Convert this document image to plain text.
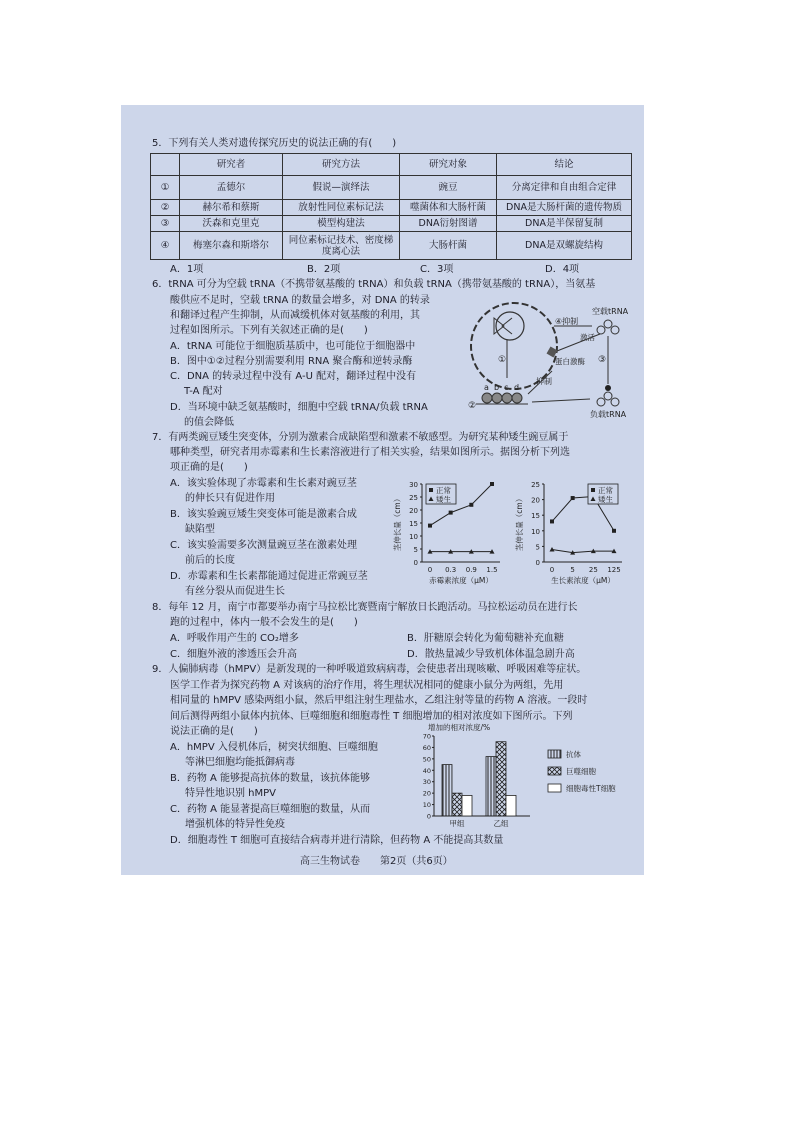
5．下列有关人类对遗传探究历史的说法正确的有(　　)
	研究者	研究方法	研究对象	结论
①	孟德尔	假说—演绎法	豌豆	分离定律和自由组合定律
②	赫尔希和蔡斯	放射性同位素标记法	噬菌体和大肠杆菌	DNA是大肠杆菌的遗传物质
③	沃森和克里克	模型构建法	DNA衍射图谱	DNA是半保留复制
④	梅塞尔森和斯塔尔	同位素标记技术、密度梯度离心法	大肠杆菌	DNA是双螺旋结构
A．1项	B．2项	C．3项	D．4项
6．tRNA 可分为空载 tRNA（不携带氨基酸的 tRNA）和负载 tRNA（携带氨基酸的 tRNA），当氨基
酸供应不足时，空载 tRNA 的数量会增多，对 DNA 的转录
和翻译过程产生抑制，从而减缓机体对氨基酸的利用，其
过程如图所示。下列有关叙述正确的是(　　)
A．tRNA 可能位于细胞质基质中，也可能位于细胞器中
B．图中①②过程分别需要利用 RNA 聚合酶和逆转录酶
C．DNA 的转录过程中没有 A-U 配对，翻译过程中没有
T-A 配对
D．当环境中缺乏氨基酸时，细胞中空载 tRNA/负载 tRNA
的值会降低
①
②
a b c d
空载tRNA
④抑制
激活
蛋白激酶
抑制
③
负载tRNA
7．有两类豌豆矮生突变体，分别为激素合成缺陷型和激素不敏感型。为研究某种矮生豌豆属于
哪种类型，研究者用赤霉素和生长素溶液进行了相关实验，结果如图所示。据图分析下列选
项正确的是(　　)
A．该实验体现了赤霉素和生长素对豌豆茎
的伸长只有促进作用
B．该实验豌豆矮生突变体可能是激素合成
缺陷型
C．该实验需要多次测量豌豆茎在激素处理
前后的长度
D．赤霉素和生长素都能通过促进正常豌豆茎
有丝分裂从而促进生长
0
5
10
15
20
25
30
0 0.3 0.9 1.5
赤霉素浓度（μM）
茎伸长量（cm）
正常
矮生
0
5
10
15
20
25
0 5 25 125
生长素浓度（μM）
茎伸长量（cm）
正常
矮生
8．每年 12 月，南宁市都要举办南宁马拉松比赛暨南宁解放日长跑活动。马拉松运动员在进行长
跑的过程中，体内一般不会发生的是(　　)
A．呼吸作用产生的 CO₂增多	B．肝糖原会转化为葡萄糖补充血糖
C．细胞外液的渗透压会升高	D．散热量减少导致机体体温急剧升高
9．人偏肺病毒（hMPV）是新发现的一种呼吸道致病病毒，会使患者出现咳嗽、呼吸困难等症状。
医学工作者为探究药物 A 对该病的治疗作用，将生理状况相同的健康小鼠分为两组，先用
相同量的 hMPV 感染两组小鼠，然后甲组注射生理盐水，乙组注射等量的药物 A 溶液。一段时
间后测得两组小鼠体内抗体、巨噬细胞和细胞毒性 T 细胞增加的相对浓度如下图所示。下列
说法正确的是(　　)
A．hMPV 入侵机体后，树突状细胞、巨噬细胞
等淋巴细胞均能抵御病毒
B．药物 A 能够提高抗体的数量，该抗体能够
特异性地识别 hMPV
C．药物 A 能显著提高巨噬细胞的数量，从而
增强机体的特异性免疫
D．细胞毒性 T 细胞可直接结合病毒并进行清除，但药物 A 不能提高其数量
增加的相对浓度/%
0
10
20
30
40
50
60
70
甲组	乙组
抗体
巨噬细胞
细胞毒性T细胞
高三生物试卷　　第2页（共6页）
